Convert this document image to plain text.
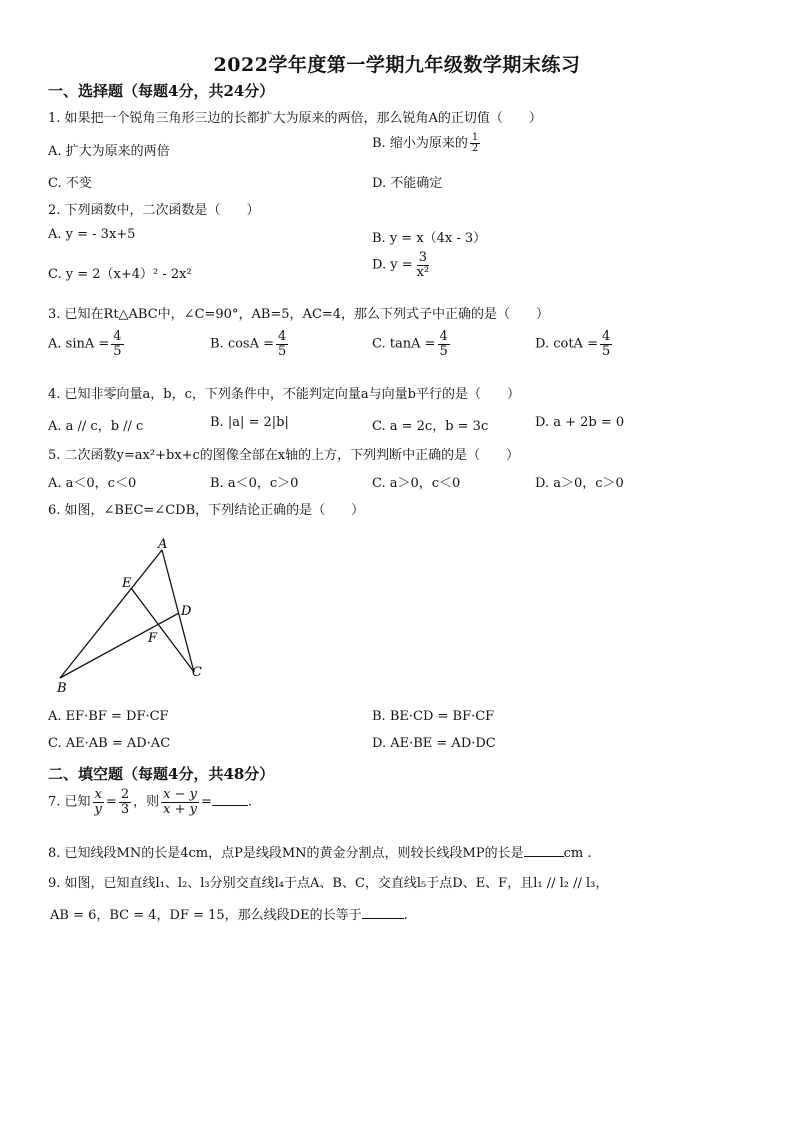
2022学年度第一学期九年级数学期末练习
一、选择题（每题4分，共24分）
1. 如果把一个锐角三角形三边的长都扩大为原来的两倍，那么锐角A的正切值（　　）
A. 扩大为原来的两倍
B. 缩小为原来的 $\frac{1}{2}$
C. 不变	D. 不能确定
2. 下列函数中，二次函数是（　　）
A. y = - 3x+5	B. y = x（4x - 3）
C. y = 2（x+4）² - 2x²
D. $y = \frac{3}{\text{x²}}$
3. 已知在Rt△ABC中，∠C=90°，AB=5，AC=4，那么下列式子中正确的是（　　）
A. $\sin A = \frac{4}{5}$	B. $\cos A = \frac{4}{5}$	C. $\tan A = \frac{4}{5}$	D. $\cot A = \frac{4}{5}$
4. 已知非零向量a，b，c，下列条件中，不能判定向量a与向量b平行的是（　　）
A. a // c，b // c	B. |a| = 2|b|	C. a = 2c，b = 3c	D. a + 2b = 0
5. 二次函数y=ax²+bx+c的图像全部在x轴的上方，下列判断中正确的是（　　）
A. a＜0，c＜0	B. a＜0，c＞0	C. a＞0，c＜0	D. a＞0，c＞0
6. 如图，∠BEC=∠CDB，下列结论正确的是（　　）
A
E
D
F
C
B
A. EF·BF = DF·CF	B. BE·CD = BF·CF
C. AE·AB = AD·AC	D. AE·BE = AD·DC
二、填空题（每题4分，共48分）
7. 已知 $\frac{x}{y} = \frac{2}{3}$ ，则 $\frac{x - y}{x + y}$ =	.
8. 已知线段MN的长是4cm，点P是线段MN的黄金分割点，则较长线段MP的长是	cm .
9. 如图，已知直线l₁、l₂、l₃分别交直线l₄于点A、B、C，交直线l₅于点D、E、F，且l₁ // l₂ // l₃，
AB = 6，BC = 4，DF = 15，那么线段DE的长等于	.
